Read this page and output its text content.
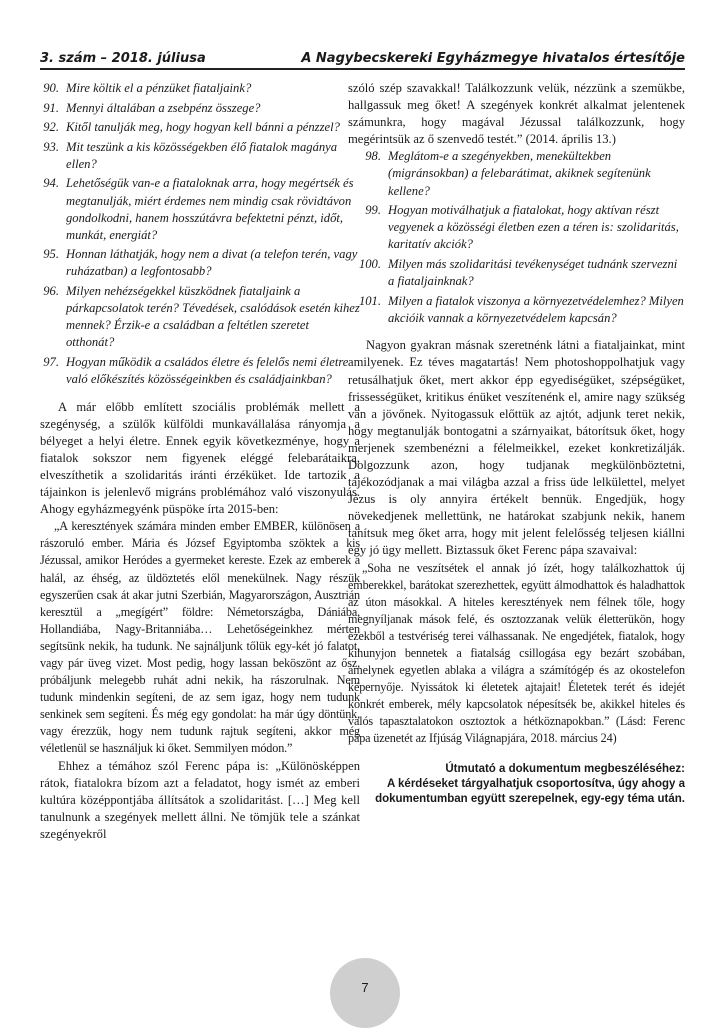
3. szám – 2018. júliusa	A Nagybecskereki Egyházmegye hivatalos értesítője
90. Mire költik el a pénzüket fiataljaink?
91. Mennyi általában a zsebpénz összege?
92. Kitől tanulják meg, hogy hogyan kell bánni a pénzzel?
93. Mit teszünk a kis közösségekben élő fiatalok magánya ellen?
94. Lehetőségük van-e a fiataloknak arra, hogy megértsék és megtanulják, miért érdemes nem mindig csak rövidtávon gondolkodni, hanem hosszútávra befektetni pénzt, időt, munkát, energiát?
95. Honnan láthatják, hogy nem a divat (a telefon terén, vagy ruházatban) a legfontosabb?
96. Milyen nehézségekkel küszködnek fiataljaink a párkapcsolatok terén? Tévedések, csalódások esetén kihez mennek? Érzik-e a családban a feltétlen szeretet otthonát?
97. Hogyan működik a családos életre és felelős nemi életre való előkészítés közösségeinkben és családjainkban?

A már előbb említett szociális problémák mellett a szegénység, a szülők külföldi munkavállalása rányomja a bélyeget a helyi életre. Ennek egyik következménye, hogy a fiatalok sokszor nem figyenek eléggé felebarátaikra, elveszíthetik a szolidaritás iránti érzéküket. Ide tartozik a tájainkon is jelenlevő migráns problémához való viszonyulás. Ahogy egyházmegyénk püspöke írta 2015-ben:

„A keresztények számára minden ember EMBER, különösen a rászoruló ember. Mária és József Egyiptomba szöktek a kis Jézussal, amikor Heródes a gyermeket kereste. Ezek az emberek a halál, az éhség, az üldöztetés elől menekülnek. Nagy részük egyszerűen csak át akar jutni Szerbián, Magyarországon, Ausztrián keresztül a „megígért” földre: Németországba, Dániába, Hollandiába, Nagy-Britanniába… Lehetőségeinkhez mérten segítsünk nekik, ha tudunk. Ne sajnáljunk tőlük egy-két jó falatot, vagy pár üveg vizet. Most pedig, hogy lassan beköszönt az ősz, próbáljunk melegebb ruhát adni nekik, ha rászorulnak. Nem tudunk mindenkin segíteni, de az sem igaz, hogy nem tudunk senkinek sem segíteni. És még egy gondolat: ha már úgy döntünk, vagy érezzük, hogy nem tudunk rajtuk segíteni, akkor még véletlenül se használjuk ki őket. Semmilyen módon.”

Ehhez a témához szól Ferenc pápa is: „Különösképpen rátok, fiatalokra bízom azt a feladatot, hogy ismét az emberi kultúra középpontjába állítsátok a szolidaritást. […] Meg kell tanulnunk a szegények mellett állni. Ne tömjük tele a szánkat szegényekről

szóló szép szavakkal! Találkozzunk velük, nézzünk a szemükbe, hallgassuk meg őket! A szegények konkrét alkalmat jelentenek számunkra, hogy magával Jézussal találkozzunk, hogy megérintsük az ő szenvedő testét.” (2014. április 13.)

98. Meglátom-e a szegényekben, menekültekben (migránsokban) a felebarátimat, akiknek segítenünk kellene?
99. Hogyan motiválhatjuk a fiatalokat, hogy aktívan részt vegyenek a közösségi életben ezen a téren is: szolidaritás, karitatív akciók?
100. Milyen más szolidaritási tevékenységet tudnánk szervezni a fiataljainknak?
101. Milyen a fiatalok viszonya a környezetvédelemhez? Milyen akcióik vannak a környezetvédelem kapcsán?

Nagyon gyakran másnak szeretnénk látni a fiataljainkat, mint amilyenek. Ez téves magatartás! Nem photoshoppolhatjuk vagy retusálhatjuk őket, mert akkor épp egyediségüket, szépségüket, frissességüket, kritikus énüket veszítenénk el, amire nagy szükség van a jövőnek. Nyitogassuk előttük az ajtót, adjunk teret nekik, hogy megtanulják bontogatni a szárnyaikat, bátorítsuk őket, hogy merjenek szembenézni a félelmeikkel, ezeket konkretizálják. Dolgozzunk azon, hogy tudjanak megkülönböztetni, tájékozódjanak a mai világba azzal a friss üde lelkülettel, melyet Jézus is oly annyira értékelt bennük. Engedjük, hogy növekedjenek mellettünk, ne határokat szabjunk nekik, hanem tanítsuk meg őket arra, hogy mit jelent felelősség teljesen kiállni egy jó ügy mellett. Biztassuk őket Ferenc pápa szavaival:

„Soha ne veszítsétek el annak jó ízét, hogy találkozhattok új emberekkel, barátokat szerezhettek, együtt álmodhattok és haladhattok az úton másokkal. A hiteles keresztények nem félnek tőle, hogy megnyíljanak mások felé, és osztozzanak velük életterükön, hogy ezekből a testvériség terei válhassanak. Ne engedjétek, fiatalok, hogy kihunyjon bennetek a fiatalság csillogása egy bezárt szobában, amelynek egyetlen ablaka a világra a számítógép és az okostelefon képernyője. Nyissátok ki életetek ajtajait! Életetek terét és idejét konkrét emberek, mély kapcsolatok népesítsék be, akikkel hiteles és valós tapasztalatokon osztoztok a hétköznapokban.” (Lásd: Ferenc pápa üzenetét az Ifjúság Világnapjára, 2018. március 24)

Útmutató a dokumentum megbeszéléséhez:
A kérdéseket tárgyalhatjuk csoportosítva, úgy ahogy a dokumentumban együtt szerepelnek, egy-egy téma után.
7
